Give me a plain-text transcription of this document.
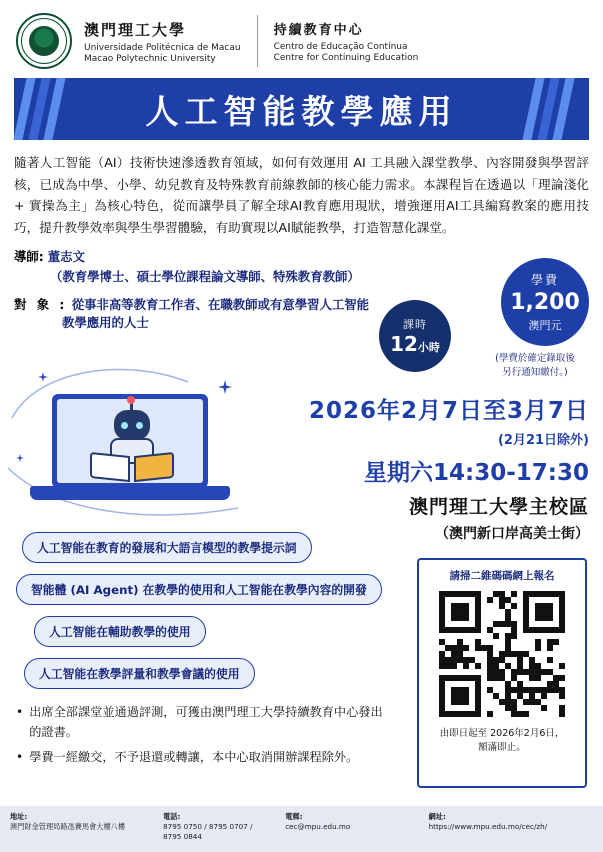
澳門理工大學
Universidade Politécnica de Macau
Macao Polytechnic University
持續教育中心
Centro de Educação Contínua
Centre for Continuing Education
人工智能教學應用
隨著人工智能（AI）技術快速滲透教育領域，如何有效運用 AI 工具融入課堂教學、內容開發與學習評核，已成為中學、小學、幼兒教育及特殊教育前線教師的核心能力需求。本課程旨在透過以「理論淺化 + 實操為主」為核心特色，從而讓學員了解全球AI教育應用現狀，增強運用AI工具編寫教案的應用技巧，提升教學效率與學生學習體驗，有助實現以AI賦能教學，打造智慧化課堂。
導師: 董志文
（教育學博士、碩士學位課程論文導師、特殊教育教師）
對 象 : 從事非高等教育工作者、在職教師或有意學習人工智能
教學應用的人士
學費
1,200
澳門元
(學費於確定錄取後
另行通知繳付。)
課時
12小時
2026年2月7日至3月7日
(2月21日除外)
星期六14:30-17:30
澳門理工大學主校區
（澳門新口岸高美士街）
人工智能在教育的發展和大語言模型的教學提示詞
智能體 (AI Agent) 在教學的使用和人工智能在教學內容的開發
人工智能在輔助教學的使用
人工智能在教學評量和教學會議的使用
• 出席全部課堂並通過評測，可獲由澳門理工大學持續教育中心發出的證書。
• 學費一經繳交，不予退還或轉讓，本中心取消開辦課程除外。
請掃二維碼碼網上報名
由即日起至 2026年2月6日，
額滿即止。
地址:
澳門財金管理局路氹賽馬會大樓八樓
電話:
8795 0750 / 8795 0707 /
8795 0844
電郵:
cec@mpu.edu.mo
網址:
https://www.mpu.edu.mo/cec/zh/
